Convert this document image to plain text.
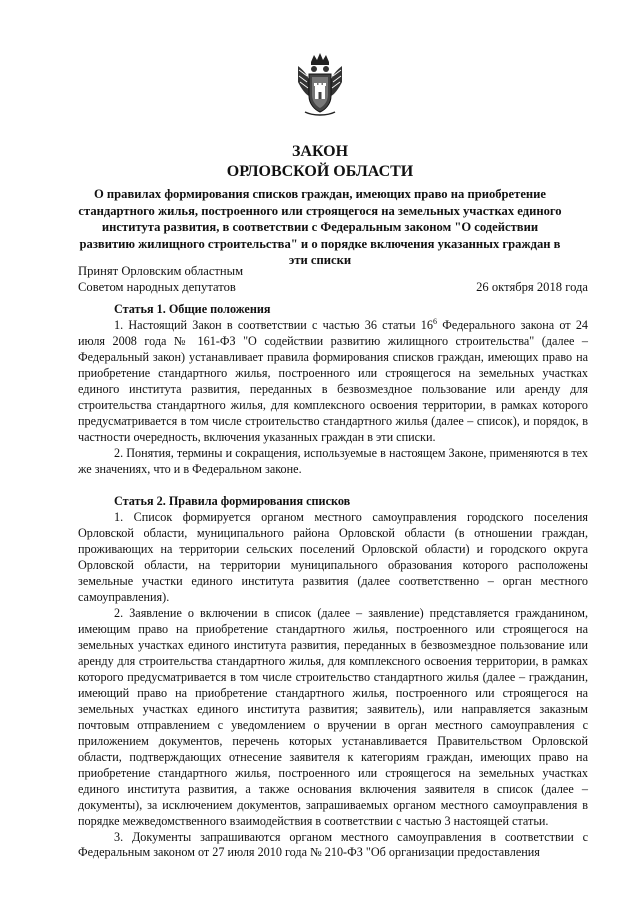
ЗАКОН
ОРЛОВСКОЙ ОБЛАСТИ
О правилах формирования списков граждан, имеющих право на приобретение стандартного жилья, построенного или строящегося на земельных участках единого института развития, в соответствии с Федеральным законом "О содействии развитию жилищного строительства" и о порядке включения указанных граждан в эти списки
Принят Орловским областным
Советом народных депутатов	26 октября 2018 года

Статья 1. Общие положения

1. Настоящий Закон в соответствии с частью 36 статьи $16^6$ Федерального закона от 24 июля 2008 года № 161-ФЗ "О содействии развитию жилищного строительства" (далее – Федеральный закон) устанавливает правила формирования списков граждан, имеющих право на приобретение стандартного жилья, построенного или строящегося на земельных участках единого института развития, переданных в безвозмездное пользование или аренду для строительства стандартного жилья, для комплексного освоения территории, в рамках которого предусматривается в том числе строительство стандартного жилья (далее – список), и порядок, в частности очередность, включения указанных граждан в эти списки.

2. Понятия, термины и сокращения, используемые в настоящем Законе, применяются в тех же значениях, что и в Федеральном законе.

Статья 2. Правила формирования списков

1. Список формируется органом местного самоуправления городского поселения Орловской области, муниципального района Орловской области (в отношении граждан, проживающих на территории сельских поселений Орловской области) и городского округа Орловской области, на территории муниципального образования которого расположены земельные участки единого института развития (далее соответственно – орган местного самоуправления).

2. Заявление о включении в список (далее – заявление) представляется гражданином, имеющим право на приобретение стандартного жилья, построенного или строящегося на земельных участках единого института развития, переданных в безвозмездное пользование или аренду для строительства стандартного жилья, для комплексного освоения территории, в рамках которого предусматривается в том числе строительство стандартного жилья (далее – гражданин, имеющий право на приобретение стандартного жилья, построенного или строящегося на земельных участках единого института развития; заявитель), или направляется заказным почтовым отправлением с уведомлением о вручении в орган местного самоуправления с приложением документов, перечень которых устанавливается Правительством Орловской области, подтверждающих отнесение заявителя к категориям граждан, имеющих право на приобретение стандартного жилья, построенного или строящегося на земельных участках единого института развития, а также основания включения заявителя в список (далее – документы), за исключением документов, запрашиваемых органом местного самоуправления в порядке межведомственного взаимодействия в соответствии с частью 3 настоящей статьи.

3. Документы запрашиваются органом местного самоуправления в соответствии с Федеральным законом от 27 июля 2010 года № 210-ФЗ "Об организации предоставления
